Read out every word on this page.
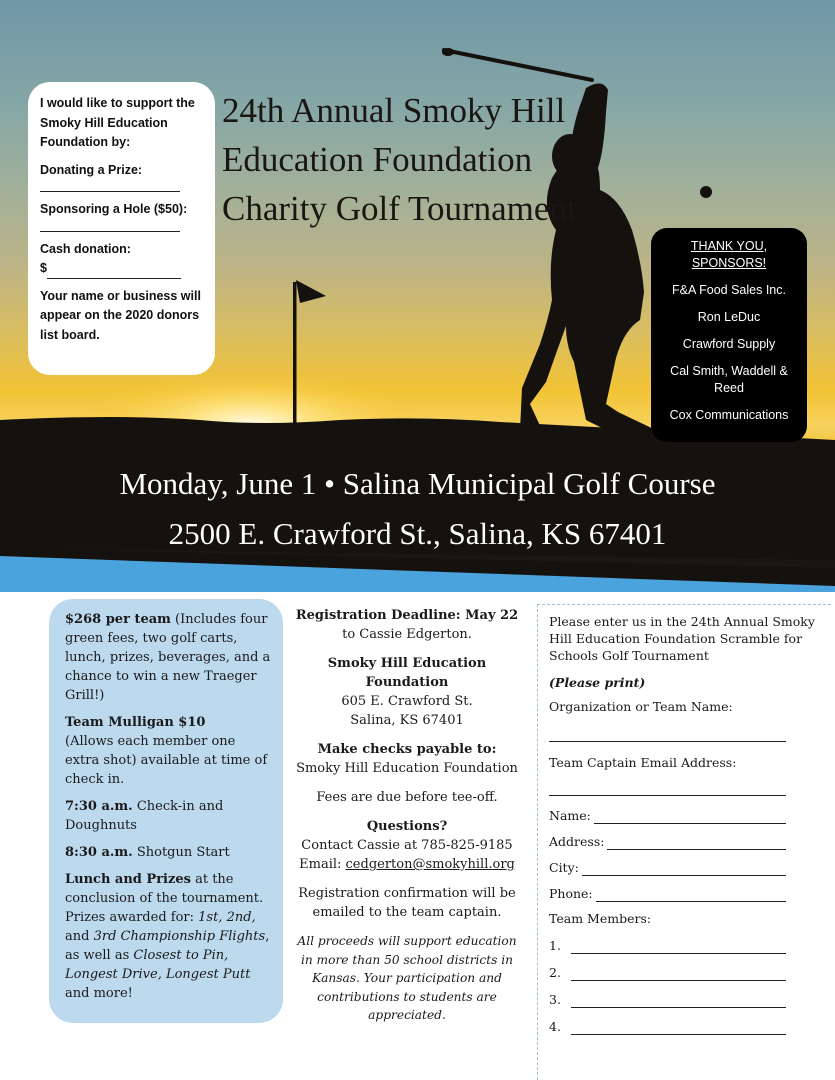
24th Annual Smoky Hill Education Foundation Charity Golf Tournament

I would like to support the Smoky Hill Education Foundation by:

Donating a Prize:
Sponsoring a Hole ($50):
Cash donation:
$

Your name or business will appear on the 2020 donors list board.

THANK YOU,
SPONSORS!
F&A Food Sales Inc.
Ron LeDuc
Crawford Supply
Cal Smith, Waddell & Reed
Cox Communications
Monday, June 1 • Salina Municipal Golf Course
2500 E. Crawford St., Salina, KS 67401

$268 per team (Includes four green fees, two golf carts, lunch, prizes, beverages, and a chance to win a new Traeger Grill!)

Team Mulligan $10
(Allows each member one extra shot) available at time of check in.

7:30 a.m. Check-in and Doughnuts

8:30 a.m. Shotgun Start

Lunch and Prizes at the conclusion of the tournament. Prizes awarded for: 1st, 2nd, and 3rd Championship Flights, as well as Closest to Pin, Longest Drive, Longest Putt and more!

Registration Deadline: May 22
to Cassie Edgerton.
Smoky Hill Education Foundation
605 E. Crawford St.
Salina, KS 67401
Make checks payable to:
Smoky Hill Education Foundation
Fees are due before tee-off.
Questions?
Contact Cassie at 785-825-9185
Email: cedgerton@smokyhill.org
Registration confirmation will be emailed to the team captain.
All proceeds will support education in more than 50 school districts in Kansas. Your participation and contributions to students are appreciated.
Please enter us in the 24th Annual Smoky Hill Education Foundation Scramble for Schools Golf Tournament
(Please print)
Organization or Team Name:
Team Captain Email Address:
Name:
Address:
City:
Phone:
Team Members:
1.
2.
3.
4.
